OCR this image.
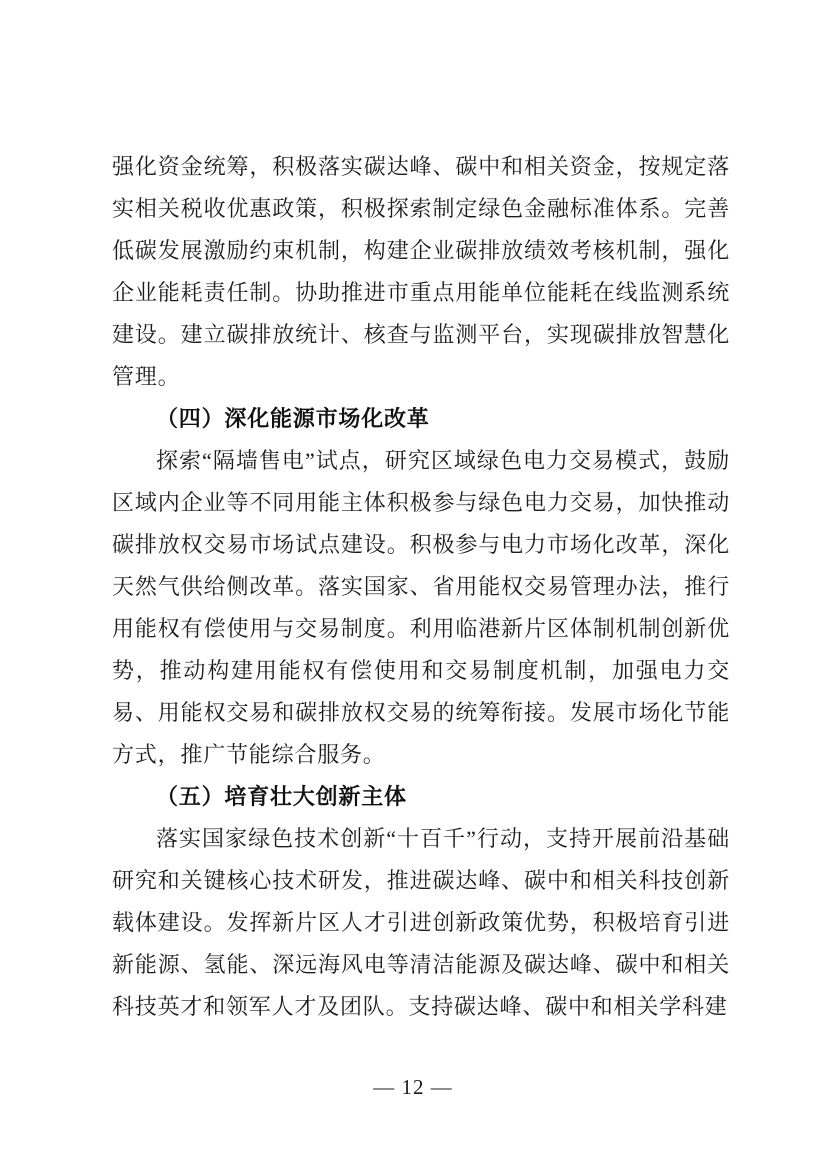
强化资金统筹，积极落实碳达峰、碳中和相关资金，按规定落实相关税收优惠政策，积极探索制定绿色金融标准体系。完善低碳发展激励约束机制，构建企业碳排放绩效考核机制，强化企业能耗责任制。协助推进市重点用能单位能耗在线监测系统建设。建立碳排放统计、核查与监测平台，实现碳排放智慧化管理。

（四）深化能源市场化改革

探索“隔墙售电”试点，研究区域绿色电力交易模式，鼓励区域内企业等不同用能主体积极参与绿色电力交易，加快推动碳排放权交易市场试点建设。积极参与电力市场化改革，深化天然气供给侧改革。落实国家、省用能权交易管理办法，推行用能权有偿使用与交易制度。利用临港新片区体制机制创新优势，推动构建用能权有偿使用和交易制度机制，加强电力交易、用能权交易和碳排放权交易的统筹衔接。发展市场化节能方式，推广节能综合服务。

（五）培育壮大创新主体

落实国家绿色技术创新“十百千”行动，支持开展前沿基础研究和关键核心技术研发，推进碳达峰、碳中和相关科技创新载体建设。发挥新片区人才引进创新政策优势，积极培育引进新能源、氢能、深远海风电等清洁能源及碳达峰、碳中和相关科技英才和领军人才及团队。支持碳达峰、碳中和相关学科建

— 12 —
